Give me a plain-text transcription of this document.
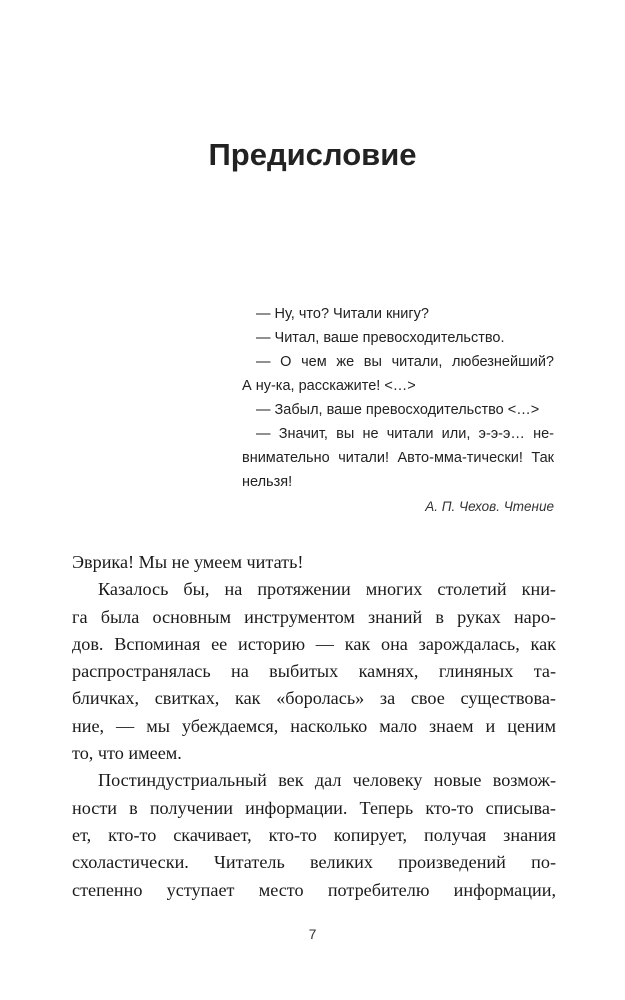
Предисловие
— Ну, что? Читали книгу?
— Читал, ваше превосходительство.
— О чем же вы читали, любезнейший?
А ну-ка, расскажите! <…>
— Забыл, ваше превосходительство <…>
— Значит, вы не читали или, э-э-э… не-
внимательно читали! Авто-мма-тически! Так
нельзя!
А. П. Чехов. Чтение
Эврика! Мы не умеем читать!
Казалось бы, на протяжении многих столетий кни-
га была основным инструментом знаний в руках наро-
дов. Вспоминая ее историю — как она зарождалась, как
распространялась на выбитых камнях, глиняных та-
бличках, свитках, как «боролась» за свое существова-
ние, — мы убеждаемся, насколько мало знаем и ценим
то, что имеем.
Постиндустриальный век дал человеку новые возмож-
ности в получении информации. Теперь кто-то списыва-
ет, кто-то скачивает, кто-то копирует, получая знания
схоластически. Читатель великих произведений по-
степенно уступает место потребителю информации,
7
